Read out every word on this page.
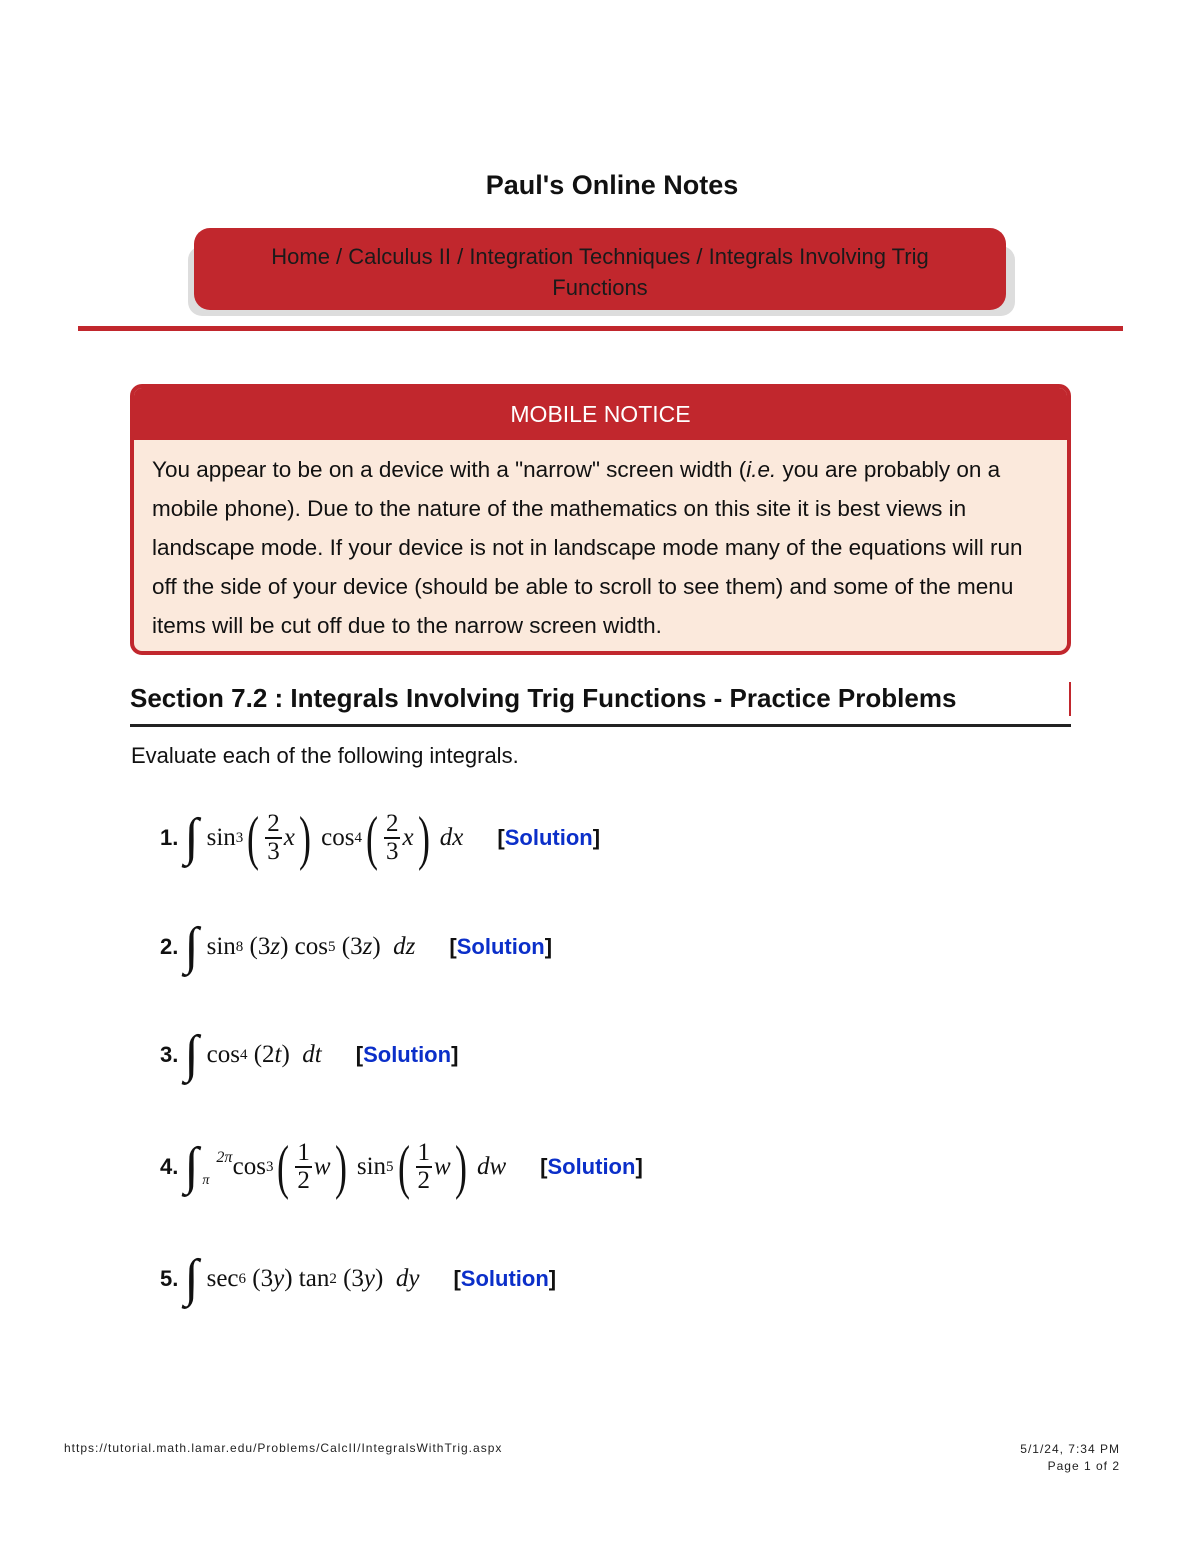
Paul's Online Notes
Home / Calculus II / Integration Techniques / Integrals Involving Trig
Functions
MOBILE NOTICE
You appear to be on a device with a "narrow" screen width (i.e. you are probably on a mobile phone). Due to the nature of the mathematics on this site it is best views in landscape mode. If your device is not in landscape mode many of the equations will run off the side of your device (should be able to scroll to see them) and some of the menu items will be cut off due to the narrow screen width.
Section 7.2 : Integrals Involving Trig Functions - Practice Problems

Evaluate each of the following integrals.

1. ∫ sin 3 ( $\frac{2}{3}$ x ) cos 4 ( $\frac{2}{3}$ x )
dx [Solution]
2. ∫ sin 8 (3 z ) cos 5 (3 z ) dz [Solution]
3. ∫ cos 4 (2 t ) dt [Solution]
4. ∫ 2π
π
$\cos^3$ ( $\frac{1}{2}$ w ) sin 5 ( $\frac{1}{2}$ w )
dw [Solution]
5. ∫ sec 6 (3 y ) tan 2 (3 y ) dy [Solution]
https://tutorial.math.lamar.edu/Problems/CalcII/IntegralsWithTrig.aspx	5/1/24, 7:34 PM
Page 1 of 2
